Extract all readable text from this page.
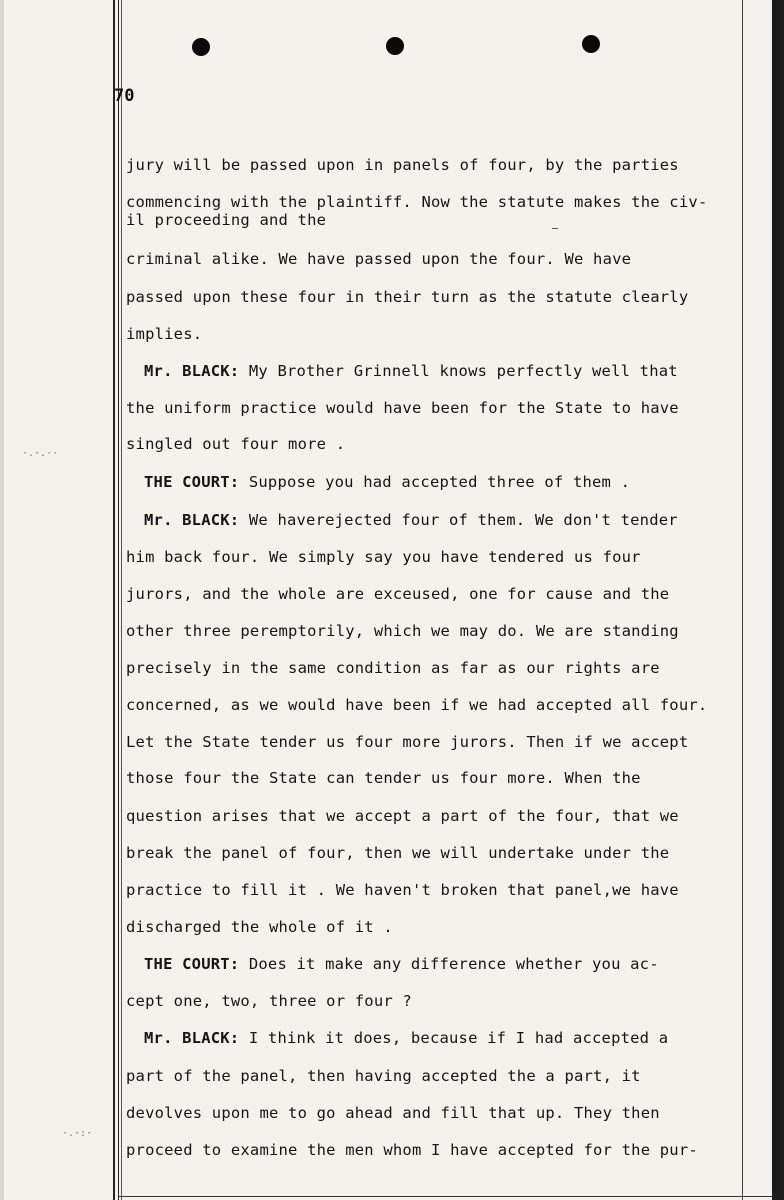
·.·.··
·.·:·
70
jury will be passed upon in panels of four, by the parties
commencing with the plaintiff. Now the statute makes the civ-
il proceeding and the
criminal alike. We have passed upon the four. We have
passed upon these four in their turn as the statute clearly
implies.
Mr. BLACK: My Brother Grinnell knows perfectly well that
the uniform practice would have been for the State to have
singled out four more .
THE COURT: Suppose you had accepted three of them .
Mr. BLACK: We haverejected four of them. We don't tender
him back four. We simply say you have tendered us four
jurors, and the whole are exceused, one for cause and the
other three peremptorily, which we may do. We are standing
precisely in the same condition as far as our rights are
concerned, as we would have been if we had accepted all four.
Let the State tender us four more jurors. Then if we accept
those four the State can tender us four more. When the
question arises that we accept a part of the four, that we
break the panel of four, then we will undertake under the
practice to fill it . We haven't broken that panel,we have
discharged the whole of it .
THE COURT: Does it make any difference whether you ac-
cept one, two, three or four ?
Mr. BLACK: I think it does, because if I had accepted a
part of the panel, then having accepted the a part, it
devolves upon me to go ahead and fill that up. They then
proceed to examine the men whom I have accepted for the pur-
